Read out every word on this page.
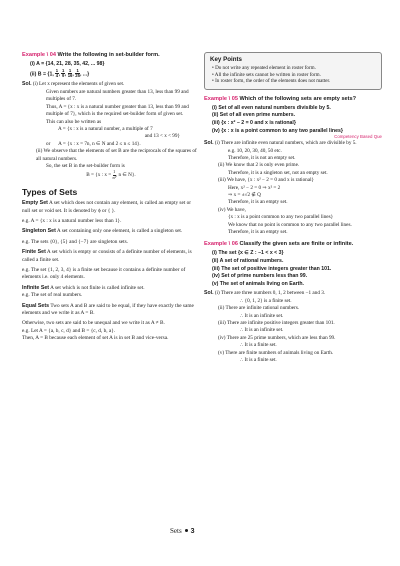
Example \ 04 Write the following in set-builder form.
(i) A = {14, 21, 28, 35, 42, ... 98}
(ii) B = {1, $\frac{1}{4}$ , $\frac{1}{9}$ , $\frac{1}{16}$ , $\frac{1}{25}$ , ...}
Sol. (i) Let x represent the elements of given set.
Given numbers are natural numbers greater than 13, less than 99 and multiples of 7.
Thus, A = {x : x is a natural number greater than 13, less than 99 and multiple of 7}, which is the required set-builder form of given set.
This can also be written as
A = {x : x is a natural number, a multiple of 7
and 13 < x < 99}
or A = {x : x = 7n, n ∈ N and 2 ≤ n ≤ 14}.
(ii) We observe that the elements of set B are the reciprocals of the squares of all natural numbers.
So, the set B in the set-builder form is
B = {x : $x = \frac{1}{\text{n²}}$ , n ∈ N}.
Types of Sets

Empty Set A set which does not contain any element, is called an empty set or null set or void set. It is denoted by ϕ or { }.

e.g. A = {x : x is a natural number less than 1}.

Singleton Set A set containing only one element, is called a singleton set.

e.g. The sets {0}, {5} and {−7} are singleton sets.

Finite Set A set which is empty or consists of a definite number of elements, is called a finite set.

e.g. The set {1, 2, 3, 4} is a finite set because it contains a definite number of elements i.e. only 4 elements.

Infinite Set A set which is not finite is called infinite set.

e.g. The set of real numbers.

Equal Sets Two sets A and B are said to be equal, if they have exactly the same elements and we write it as A = B.

Otherwise, two sets are said to be unequal and we write it as A ≠ B.

e.g. Let A = {a, b, c, d} and B = {c, d, b, a}.

Then, A = B because each element of set A is in set B and vice-versa.

Key Points
• Do not write any repeated element in roster form.
• All the infinite sets cannot be written in roster form.
• In roster form, the order of the elements does not matter.
Example \ 05 Which of the following sets are empty sets?
(i) Set of all even natural numbers divisible by 5.
(ii) Set of all even prime numbers.
(iii) {x : x² − 2 = 0 and x is rational}
(iv) {x : x is a point common to any two parallel lines}
Competency Based Que
Sol. (i) There are infinite even natural numbers, which are divisible by 5.
e.g. 10, 20, 30, 40, 50 etc.
Therefore, it is not an empty set.
(ii) We know that 2 is only even prime.
Therefore, it is a singleton set, not an empty set.
(iii) We have, {x : x² − 2 = 0 and x is rational}
Here, x² − 2 = 0 ⇒ x² = 2
⇒ x = ±√2 ∉ Q
Therefore, it is an empty set.
(iv) We have,
{x : x is a point common to any two parallel lines}
We know that no point is common to any two parallel lines.
Therefore, it is an empty set.
Example \ 06 Classify the given sets are finite or infinite.
(i) The set {x ∈ Z : −1 < x < 3}
(ii) A set of rational numbers.
(iii) The set of positive integers greater than 101.
(iv) Set of prime numbers less than 99.
(v) The set of animals living on Earth.
Sol. (i) There are three numbers 0, 1, 2 between −1 and 3.
∴ {0, 1, 2} is a finite set.
(ii) There are infinite rational numbers.
∴ It is an infinite set.
(iii) There are infinite positive integers greater than 101.
∴ It is an infinite set.
(iv) There are 25 prime numbers, which are less than 99.
∴ It is a finite set.
(v) There are finite numbers of animals living on Earth.
∴ It is a finite set.
Sets 3
